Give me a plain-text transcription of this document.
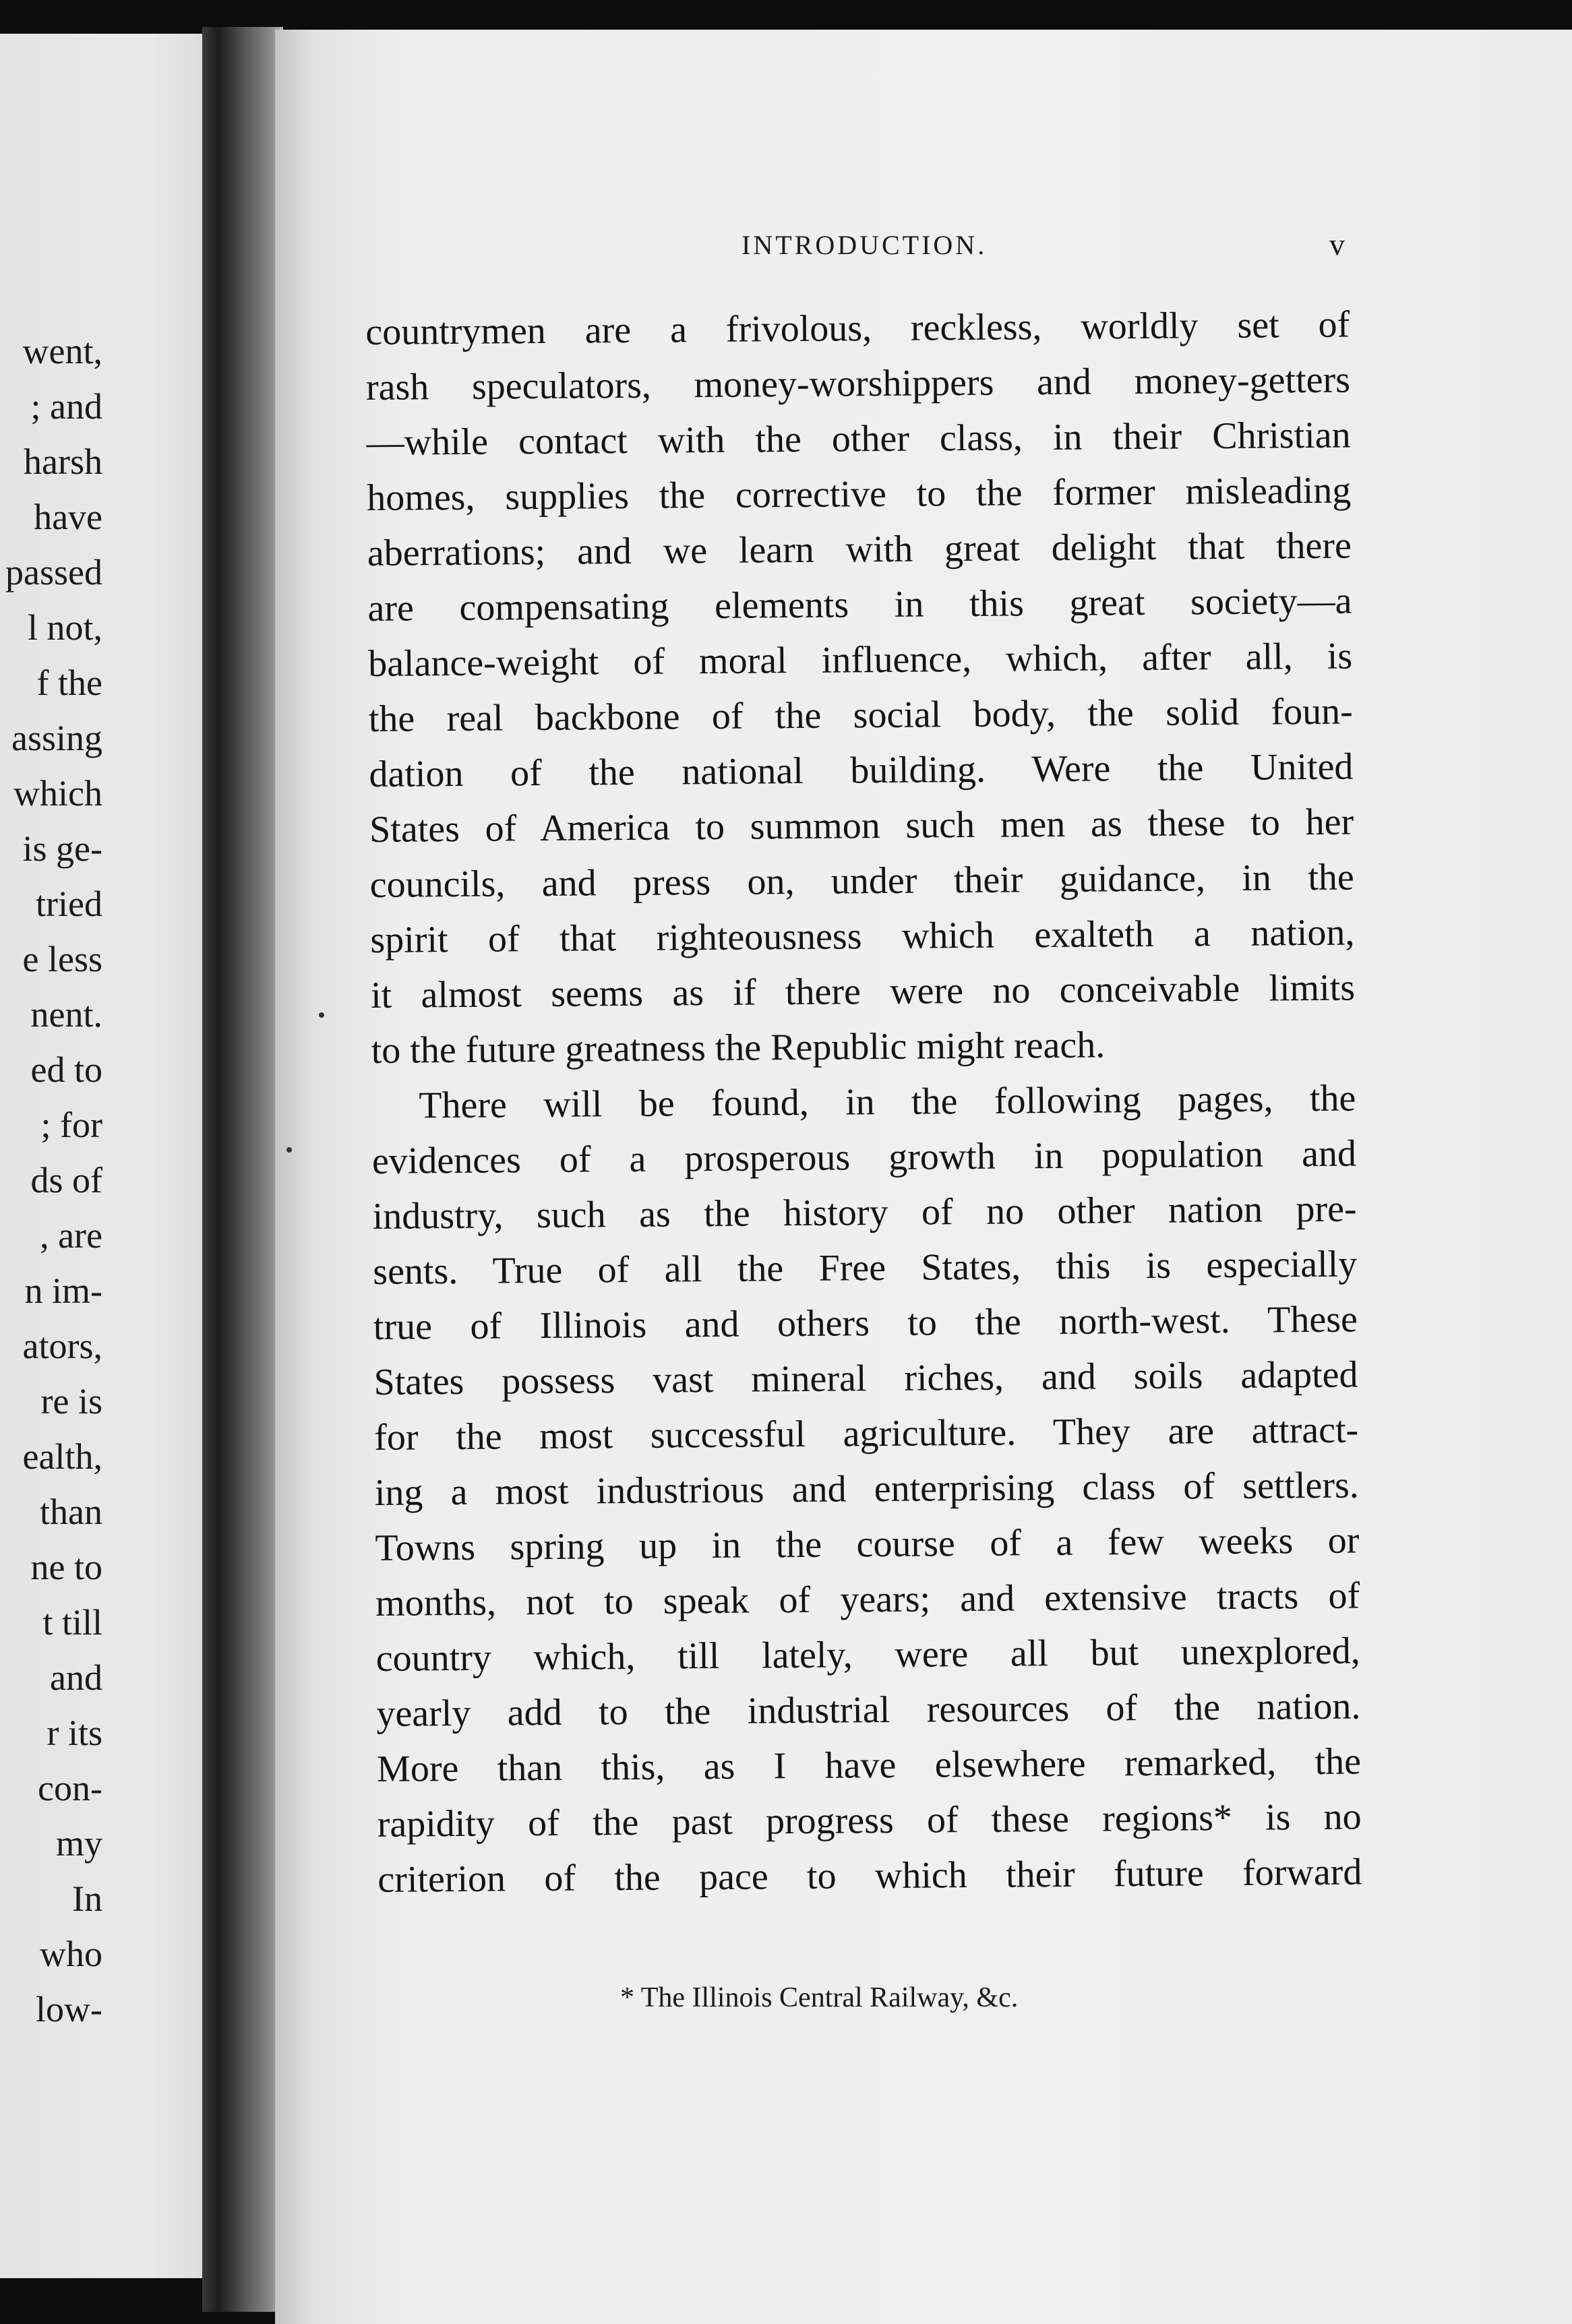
went,
; and
harsh
have
passed
l not,
f the
assing
which
is ge-
tried
e less
nent.
ed to
; for
ds of
, are
n im-
ators,
re is
ealth,
than
ne to
t till
and
r its
con-
my
In
who
low-
INTRODUCTION.	v
countrymen are a frivolous, reckless, worldly set of
rash speculators, money-worshippers and money-getters
—while contact with the other class, in their Christian
homes, supplies the corrective to the former misleading
aberrations; and we learn with great delight that there
are compensating elements in this great society—a
balance-weight of moral influence, which, after all, is
the real backbone of the social body, the solid foun-
dation of the national building. Were the United
States of America to summon such men as these to her
councils, and press on, under their guidance, in the
spirit of that righteousness which exalteth a nation,
it almost seems as if there were no conceivable limits
to the future greatness the Republic might reach.
There will be found, in the following pages, the
evidences of a prosperous growth in population and
industry, such as the history of no other nation pre-
sents. True of all the Free States, this is especially
true of Illinois and others to the north-west. These
States possess vast mineral riches, and soils adapted
for the most successful agriculture. They are attract-
ing a most industrious and enterprising class of settlers.
Towns spring up in the course of a few weeks or
months, not to speak of years; and extensive tracts of
country which, till lately, were all but unexplored,
yearly add to the industrial resources of the nation.
More than this, as I have elsewhere remarked, the
rapidity of the past progress of these regions* is no
criterion of the pace to which their future forward
* The Illinois Central Railway, &c.
